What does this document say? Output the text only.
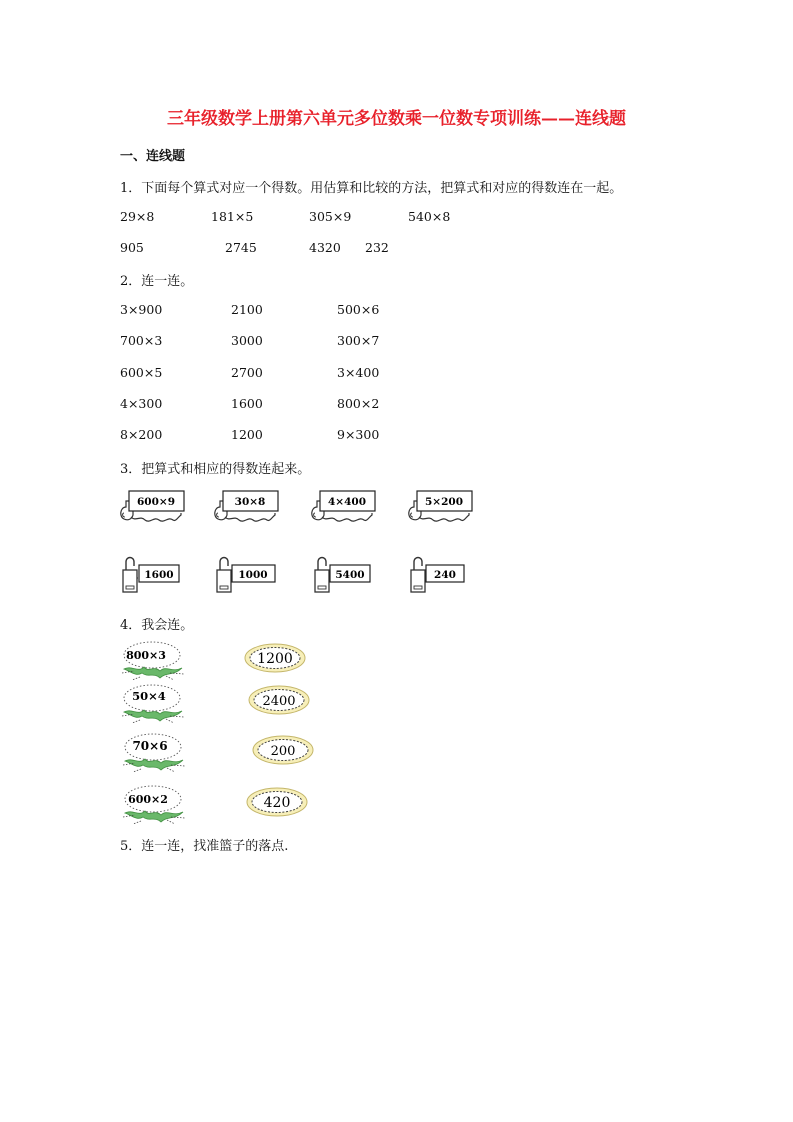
三年级数学上册第六单元多位数乘一位数专项训练——连线题
一、连线题
1．下面每个算式对应一个得数。用估算和比较的方法，把算式和对应的得数连在一起。
29×8	181×5	305×9	540×8
905	2745	4320 232
2．连一连。
3×900	2100	500×6
700×3	3000	300×7
600×5	2700	3×400
4×300	1600	800×2
8×200	1200	9×300
3．把算式和相应的得数连起来。
600×9	30×8	4×400	5×200
1600	1000	5400	240
800×3
50×4
70×6
600×2
1200
2400
200
420
4．我会连。
5．连一连，找准篮子的落点.
